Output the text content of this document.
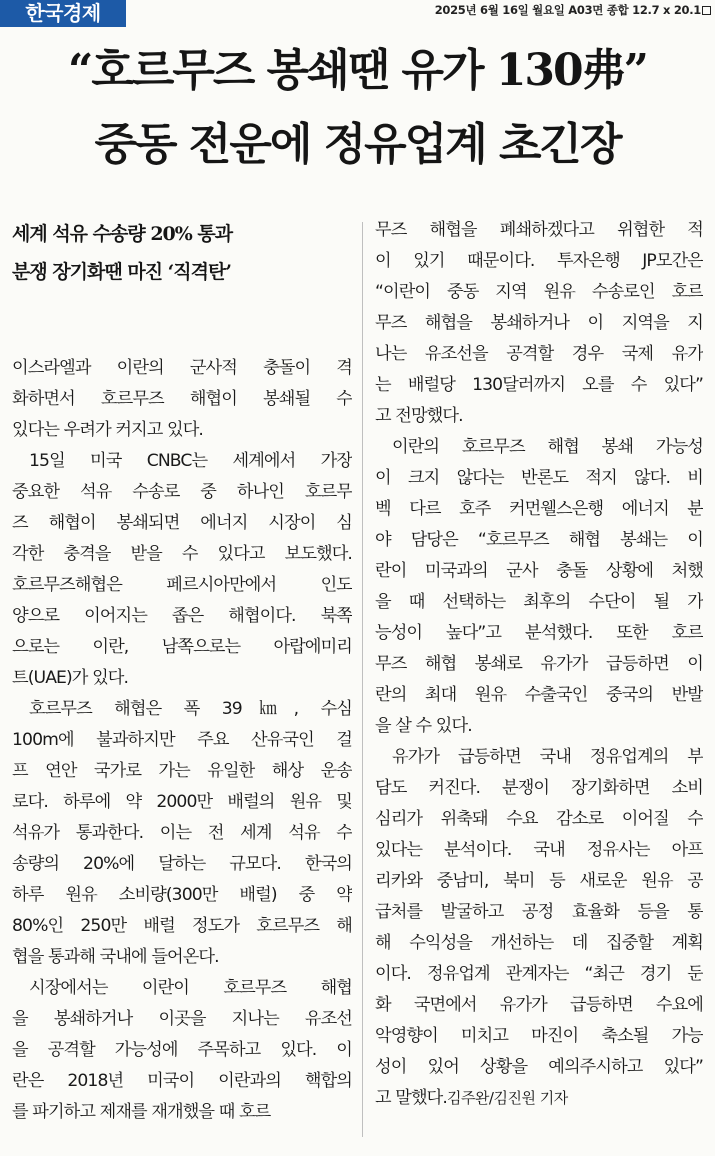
한국경제	2025년 6월 16일 월요일 A03면 종합 12.7 x 20.1
“호르무즈 봉쇄땐 유가 130弗”
중동 전운에 정유업계 초긴장
세계 석유 수송량 20% 통과
분쟁 장기화땐 마진 ‘직격탄’
이스라엘과 이란의 군사적 충돌이 격
화하면서 호르무즈 해협이 봉쇄될 수
있다는 우려가 커지고 있다.
15일 미국 CNBC는 세계에서 가장
중요한 석유 수송로 중 하나인 호르무
즈 해협이 봉쇄되면 에너지 시장이 심
각한 충격을 받을 수 있다고 보도했다.
호르무즈해협은 페르시아만에서 인도
양으로 이어지는 좁은 해협이다. 북쪽
으로는 이란, 남쪽으로는 아랍에미리
트(UAE)가 있다.
호르무즈 해협은 폭 39㎞, 수심
100m에 불과하지만 주요 산유국인 걸
프 연안 국가로 가는 유일한 해상 운송
로다. 하루에 약 2000만 배럴의 원유 및
석유가 통과한다. 이는 전 세계 석유 수
송량의 20%에 달하는 규모다. 한국의
하루 원유 소비량(300만 배럴) 중 약
80%인 250만 배럴 정도가 호르무즈 해
협을 통과해 국내에 들어온다.
시장에서는 이란이 호르무즈 해협
을 봉쇄하거나 이곳을 지나는 유조선
을 공격할 가능성에 주목하고 있다. 이
란은 2018년 미국이 이란과의 핵합의
를 파기하고 제재를 재개했을 때 호르
무즈 해협을 폐쇄하겠다고 위협한 적
이 있기 때문이다. 투자은행 JP모간은
“이란이 중동 지역 원유 수송로인 호르
무즈 해협을 봉쇄하거나 이 지역을 지
나는 유조선을 공격할 경우 국제 유가
는 배럴당 130달러까지 오를 수 있다”
고 전망했다.
이란의 호르무즈 해협 봉쇄 가능성
이 크지 않다는 반론도 적지 않다. 비
벡 다르 호주 커먼웰스은행 에너지 분
야 담당은 “호르무즈 해협 봉쇄는 이
란이 미국과의 군사 충돌 상황에 처했
을 때 선택하는 최후의 수단이 될 가
능성이 높다”고 분석했다. 또한 호르
무즈 해협 봉쇄로 유가가 급등하면 이
란의 최대 원유 수출국인 중국의 반발
을 살 수 있다.
유가가 급등하면 국내 정유업계의 부
담도 커진다. 분쟁이 장기화하면 소비
심리가 위축돼 수요 감소로 이어질 수
있다는 분석이다. 국내 정유사는 아프
리카와 중남미, 북미 등 새로운 원유 공
급처를 발굴하고 공정 효율화 등을 통
해 수익성을 개선하는 데 집중할 계획
이다. 정유업계 관계자는 “최근 경기 둔
화 국면에서 유가가 급등하면 수요에
악영향이 미치고 마진이 축소될 가능
성이 있어 상황을 예의주시하고 있다”
고 말했다.김주완/김진원 기자
